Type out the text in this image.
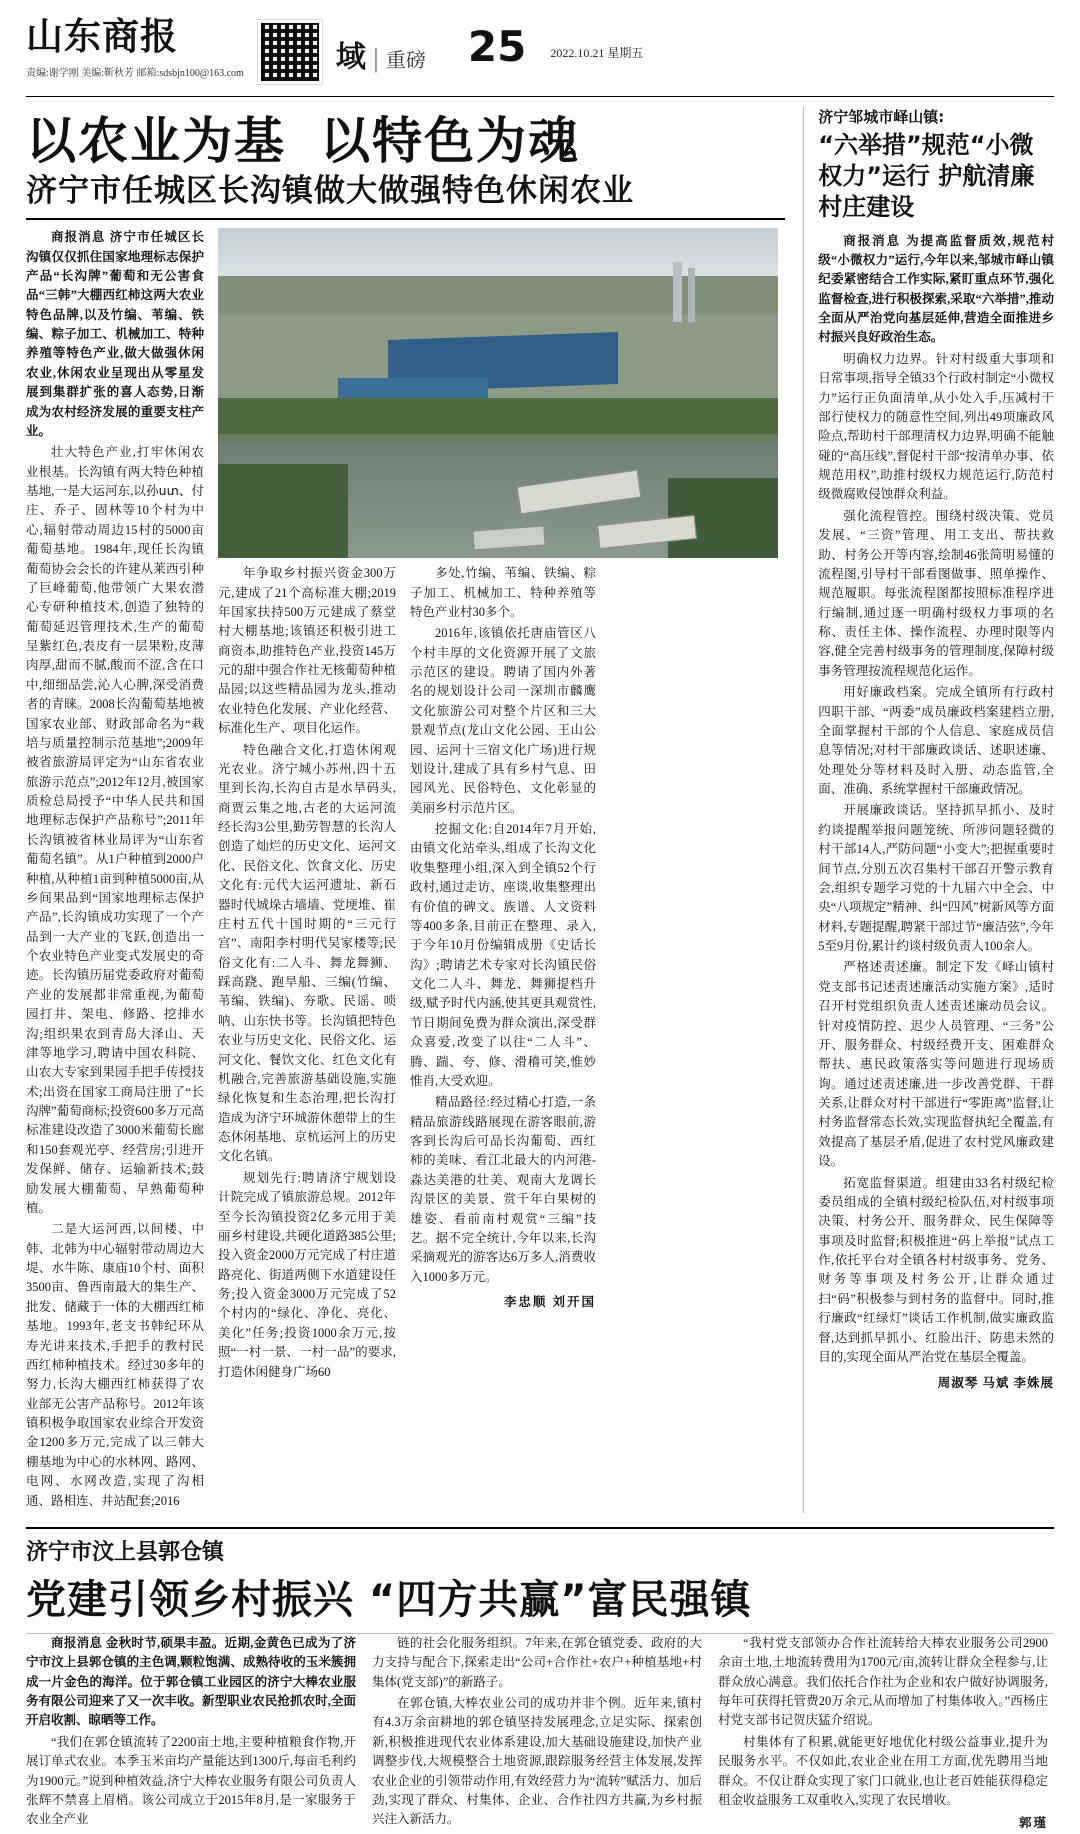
山东商报
责编:谢学刚 美编:靳秋芳 邮箱:sdsbjn100@163.com	域 | 重磅 25 2022.10.21 星期五
以农业为基 以特色为魂
济宁市任城区长沟镇做大做强特色休闲农业

商报消息 济宁市任城区长沟镇仅仅抓住国家地理标志保护产品“长沟牌”葡萄和无公害食品“三韩”大棚西红柿这两大农业特色品牌,以及竹编、苇编、铁编、粽子加工、机械加工、特种养殖等特色产业,做大做强休闲农业,休闲农业呈现出从零星发展到集群扩张的喜人态势,日渐成为农村经济发展的重要支柱产业。

壮大特色产业,打牢休闲农业根基。长沟镇有两大特色种植基地,一是大运河东,以孙ստ、付庄、乔子、固林等10个村为中心,辐射带动周边15村的5000亩葡萄基地。1984年,现任长沟镇葡萄协会会长的许建从莱西引种了巨峰葡萄,他带领广大果农潜心专研种植技术,创造了独特的葡萄延迟管理技术,生产的葡萄呈紫红色,表皮有一层果粉,皮薄肉厚,甜而不腻,酸而不涩,含在口中,细细品尝,沁人心脾,深受消费者的青睐。2008长沟葡萄基地被国家农业部、财政部命名为“栽培与质量控制示范基地”;2009年被省旅游局评定为“山东省农业旅游示范点”;2012年12月,被国家质检总局授予“中华人民共和国地理标志保护产品称号”;2011年长沟镇被省林业局评为“山东省葡萄名镇”。从1户种植到2000户种植,从种植1亩到种植5000亩,从乡间果品到“国家地理标志保护产品”,长沟镇成功实现了一个产品到一大产业的飞跃,创造出一个农业特色产业变式发展史的奇迹。长沟镇历届党委政府对葡萄产业的发展都非常重视,为葡萄园打井、架电、修路、挖排水沟;组织果农到青岛大泽山、天津等地学习,聘请中国农科院、山农大专家到果园手把手传授技术;出资在国家工商局注册了“长沟牌”葡萄商标;投资600多万元高标准建设改造了3000米葡萄长廊和150套观光亭、经营房;引进开发保鲜、储存、运输新技术;鼓励发展大棚葡萄、早熟葡萄种植。

二是大运河西,以间楼、中韩、北韩为中心辐射带动周边大堤、水牛陈、康庙10个村、面积3500亩、鲁西南最大的集生产、批发、储藏于一体的大棚西红柿基地。1993年,老支书韩纪环从寿光讲来技术,手把手的教村民西红柿种植技术。经过30多年的努力,长沟大棚西红柿获得了农业部无公害产品称号。2012年该镇积极争取国家农业综合开发资金1200多万元,完成了以三韩大棚基地为中心的水林网、路网、电网、水网改造,实现了沟相通、路相连、井站配套;2016

年争取乡村振兴资金300万元,建成了21个高标准大棚;2019年国家扶持500万元建成了蔡堂村大棚基地;该镇还积极引进工商资本,助推特色产业,投资145万元的甜中强合作社无核葡萄种植品园;以这些精品园为龙头,推动农业特色化发展、产业化经营、标准化生产、项目化运作。

特色融合文化,打造休闲观光农业。济宁城小苏州,四十五里到长沟,长沟自古是水旱码头,商贾云集之地,古老的大运河流经长沟3公里,勤劳智慧的长沟人创造了灿烂的历史文化、运河文化、民俗文化、饮食文化、历史文化有:元代大运河遗址、新石器时代城垛古墙墙、党埂堆、崔庄村五代十国时期的“三元行宫”、南阳李村明代吴家楼等;民俗文化有:二人斗、舞龙舞狮、踩高跷、跑旱船、三编(竹编、苇编、铁编)、夯歌、民谣、唢呐、山东快书等。长沟镇把特色农业与历史文化、民俗文化、运河文化、餐饮文化、红色文化有机融合,完善旅游基础设施,实施绿化恢复和生态治理,把长沟打造成为济宁环城游休憩带上的生态休闲基地、京杭运河上的历史文化名镇。

规划先行:聘请济宁规划设计院完成了镇旅游总规。2012年至今长沟镇投资2亿多元用于美丽乡村建设,共硬化道路385公里;投入资金2000万元完成了村庄道路亮化、街道两侧下水道建设任务;投入资金3000万元完成了52个村内的“绿化、净化、亮化、美化”任务;投资1000余万元,按照“一村一景、一村一品”的要求,打造休闲健身广场60

多处,竹编、苇编、铁编、粽子加工、机械加工、特种养殖等特色产业村30多个。

2016年,该镇依托唐庙管区八个村丰厚的文化资源开展了文旅示范区的建设。聘请了国内外著名的规划设计公司一深圳市麟鹰文化旅游公司对整个片区和三大景观节点(龙山文化公园、王山公园、运河十三宿文化广场)进行规划设计,建成了具有乡村气息、田园风光、民俗特色、文化彰显的美丽乡村示范片区。

挖掘文化:自2014年7月开始,由镇文化站牵头,组成了长沟文化收集整理小组,深入到全镇52个行政村,通过走访、座谈,收集整理出有价值的碑文、族谱、人文资料等400多条,目前正在整理、录入,于今年10月份编辑成册《史话长沟》;聘请艺术专家对长沟镇民俗文化二人斗、舞龙、舞狮提档升级,赋予时代内涵,使其更具观赏性,节日期间免费为群众演出,深受群众喜爱,改变了以往“二人斗”、腾、踹、夸、修、滑稽可笑,惟妙惟肖,大受欢迎。

精品路径:经过精心打造,一条精品旅游线路展现在游客眼前,游客到长沟后可品长沟葡萄、西红柿的美味、看江北最大的内河港-淼达美港的壮美、观南大龙调长沟景区的美景、赏千年白果树的雄姿、看前南村观赏“三编”技艺。据不完全统计,今年以来,长沟采摘观光的游客达6万多人,消费收入1000多万元。

李忠顺 刘开国
济宁邹城市峄山镇:
“六举措”规范“小微权力”运行 护航清廉村庄建设

商报消息 为提高监督质效,规范村级“小微权力”运行,今年以来,邹城市峄山镇纪委紧密结合工作实际,紧盯重点环节,强化监督检查,进行积极探索,采取“六举措”,推动全面从严治党向基层延伸,营造全面推进乡村振兴良好政治生态。

明确权力边界。针对村级重大事项和日常事项,指导全镇33个行政村制定“小微权力”运行正负面清单,从小处入手,压减村干部行使权力的随意性空间,列出49项廉政风险点,帮助村干部理清权力边界,明确不能触碰的“高压线”,督促村干部“按清单办事、依规范用权”,助推村级权力规范运行,防范村级微腐败侵蚀群众利益。

强化流程管控。围绕村级决策、党员发展、“三资”管理、用工支出、帮扶救助、村务公开等内容,绘制46张简明易懂的流程图,引导村干部看图做事、照单操作、规范履职。每张流程图都按照标准程序进行编制,通过逐一明确村级权力事项的名称、责任主体、操作流程、办理时限等内容,健全完善村级事务的管理制度,保障村级事务管理按流程规范化运作。

用好廉政档案。完成全镇所有行政村四职干部、“两委”成员廉政档案建档立册,全面掌握村干部的个人信息、家庭成员信息等情况;对村干部廉政谈话、述职述廉、处理处分等材料及时入册、动态监管,全面、准确、系统掌握村干部廉政情况。

开展廉政谈话。坚持抓早抓小、及时约谈提醒举报问题笼统、所涉问题轻微的村干部14人,严防问题“小变大”;把握重要时间节点,分别五次召集村干部召开警示教育会,组织专题学习党的十九届六中全会、中央“八项规定”精神、纠“四风”树新风等方面材料,专题提醒,聘紧干部过节“廉洁弦”,今年5至9月份,累计约谈村级负责人100余人。

严格述责述廉。制定下发《峄山镇村党支部书记述责述廉活动实施方案》,适时召开村党组织负责人述责述廉动员会议。针对疫情防控、迟少人员管理、“三务”公开、服务群众、村级经费开支、困难群众帮扶、惠民政策落实等问题进行现场质询。通过述责述廉,进一步改善党群、干群关系,让群众对村干部进行“零距离”监督,让村务监督常态长效,实现监督执纪全覆盖,有效提高了基层矛盾,促进了农村党风廉政建设。

拓宽监督渠道。组建由33名村级纪检委员组成的全镇村级纪检队伍,对村级事项决策、村务公开、服务群众、民生保障等事项及时监督;积极推进“码上举报”试点工作,依托平台对全镇各村村级事务、党务、财务等事项及村务公开,让群众通过扫“码”积极参与到村务的监督中。同时,推行廉政“红绿灯”谈话工作机制,做实廉政监督,达到抓早抓小、红脸出汗、防患未然的目的,实现全面从严治党在基层全覆盖。

周淑琴 马斌 李姝展
济宁市汶上县郭仓镇
党建引领乡村振兴 “四方共赢”富民强镇

商报消息 金秋时节,硕果丰盈。近期,金黄色已成为了济宁市汶上县郭仓镇的主色调,颗粒饱满、成熟待收的玉米簇拥成一片金色的海洋。位于郭仓镇工业园区的济宁大棒农业服务有限公司迎来了又一次丰收。新型职业农民抢抓农时,全面开启收割、晾晒等工作。

“我们在郭仓镇流转了2200亩土地,主要种植粮食作物,开展订单式农业。本季玉米亩均产量能达到1300斤,每亩毛利约为1900元。”说到种植效益,济宁大棒农业服务有限公司负责人张辉不禁喜上眉梢。该公司成立于2015年8月,是一家服务于农业全产业

链的社会化服务组织。7年来,在郭仓镇党委、政府的大力支持与配合下,探索走出“公司+合作社+农户+种植基地+村集体(党支部)”的新路子。

在郭仓镇,大棒农业公司的成功并非个例。近年来,镇村有4.3万余亩耕地的郭仓镇坚持发展理念,立足实际、探索创新,积极推进现代农业体系建设,加大基础设施建设,加快产业调整步伐,大规模整合土地资源,跟踪服务经营主体发展,发挥农业企业的引领带动作用,有效经营力为“流转”赋活力、加后劲,实现了群众、村集体、企业、合作社四方共赢,为乡村振兴注入新活力。

“我村党支部领办合作社流转给大棒农业服务公司2900余亩土地,土地流转费用为1700元/亩,流转让群众全程参与,让群众放心满意。我们依托合作社为企业和农户做好协调服务,每年可获得托管费20万余元,从而增加了村集体收入。”西杨庄村党支部书记贺庆猛介绍说。

村集体有了积累,就能更好地优化村级公益事业,提升为民服务水平。不仅如此,农业企业在用工方面,优先聘用当地群众。不仅让群众实现了家门口就业,也让老百姓能获得稳定租金收益服务工双重收入,实现了农民增收。

郭瑾
